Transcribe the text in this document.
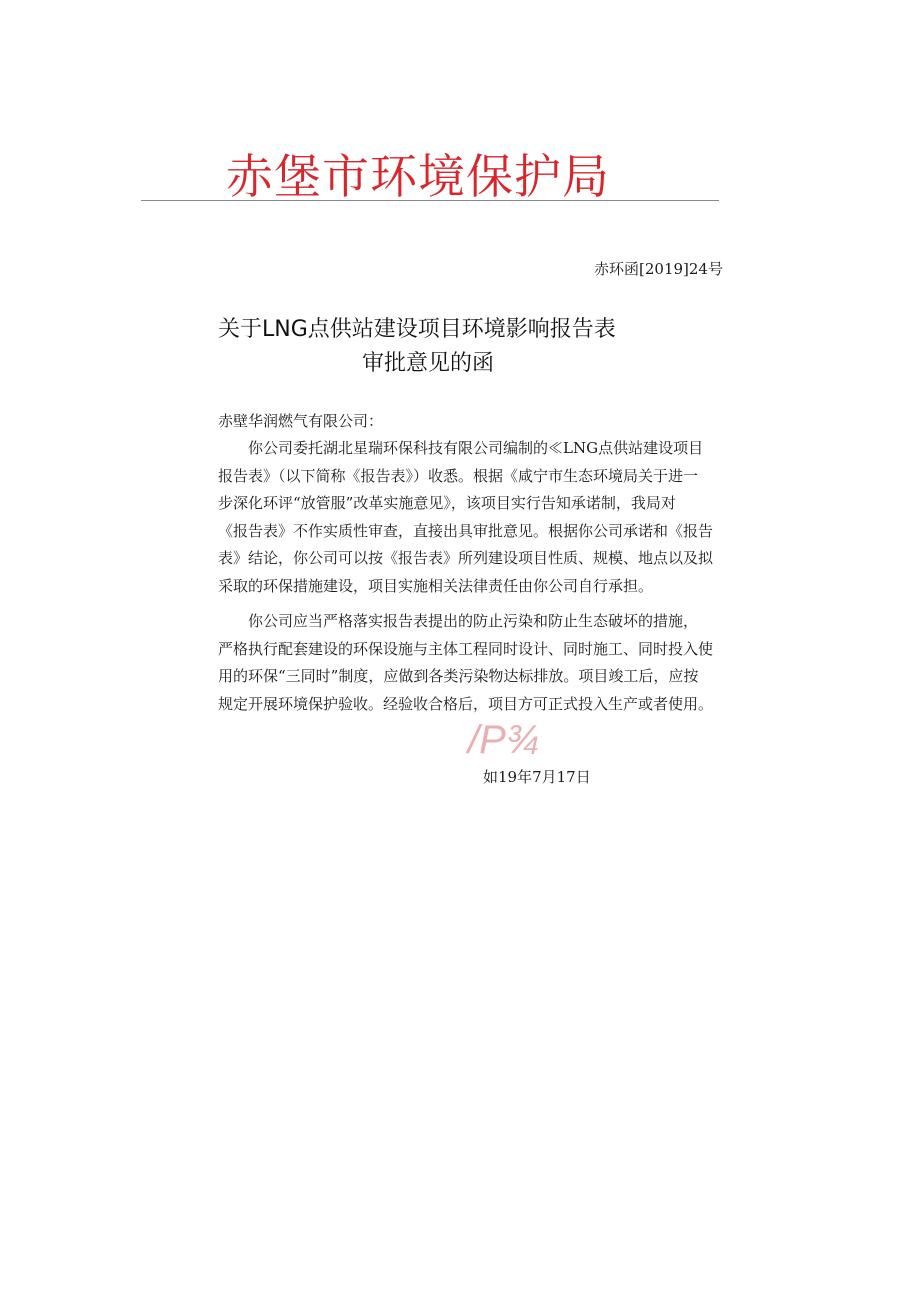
赤堡市环境保护局
赤环函[2019]24号
关于LNG点供站建设项目环境影响报告表
审批意见的函
赤壁华润燃气有限公司：
你公司委托湖北星瑞环保科技有限公司编制的≪LNG点供站建设项目
报告表》（以下简称《报告表》）收悉。根据《咸宁市生态环境局关于进一
步深化环评“放管服”改革实施意见》，该项目实行告知承诺制，我局对
《报告表》不作实质性审查，直接出具审批意见。根据你公司承诺和《报告
表》结论，你公司可以按《报告表》所列建设项目性质、规模、地点以及拟
采取的环保措施建设，项目实施相关法律责任由你公司自行承担。
你公司应当严格落实报告表提出的防止污染和防止生态破坏的措施，
严格执行配套建设的环保设施与主体工程同时设计、同时施工、同时投入使
用的环保“三同时”制度，应做到各类污染物达标排放。项目竣工后，应按
规定开展环境保护验收。经验收合格后，项目方可正式投入生产或者使用。
/P¾
如19年7月17日
